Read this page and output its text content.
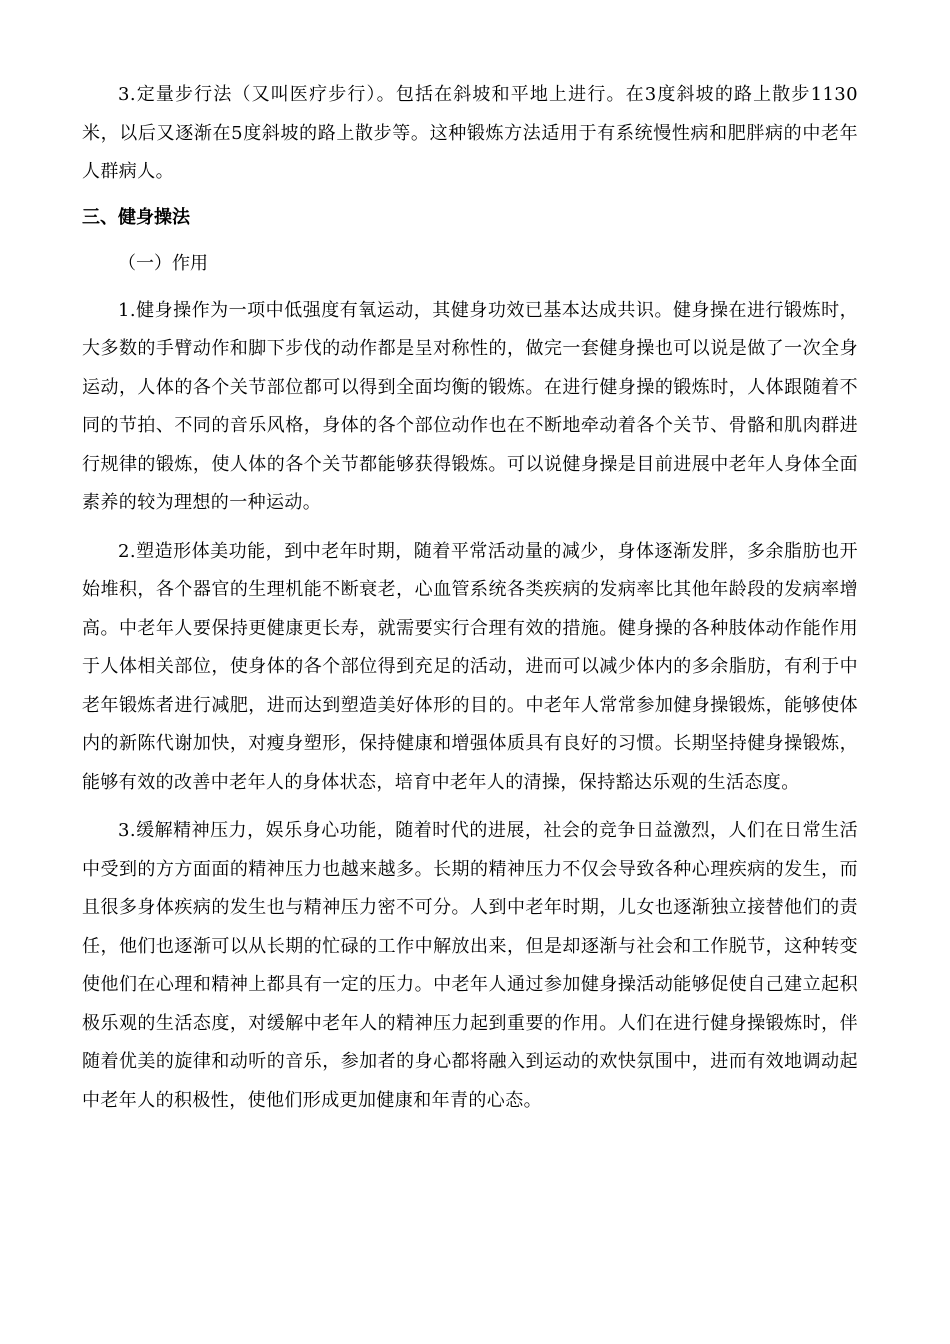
3.定量步行法（又叫医疗步行）。包括在斜坡和平地上进行。在3度斜坡的路上散步1130米，以后又逐渐在5度斜坡的路上散步等。这种锻炼方法适用于有系统慢性病和肥胖病的中老年人群病人。

三、健身操法

（一）作用

1.健身操作为一项中低强度有氧运动，其健身功效已基本达成共识。健身操在进行锻炼时，大多数的手臂动作和脚下步伐的动作都是呈对称性的，做完一套健身操也可以说是做了一次全身运动，人体的各个关节部位都可以得到全面均衡的锻炼。在进行健身操的锻炼时，人体跟随着不同的节拍、不同的音乐风格，身体的各个部位动作也在不断地牵动着各个关节、骨骼和肌肉群进行规律的锻炼，使人体的各个关节都能够获得锻炼。可以说健身操是目前进展中老年人身体全面素养的较为理想的一种运动。

2.塑造形体美功能，到中老年时期，随着平常活动量的减少，身体逐渐发胖，多余脂肪也开始堆积，各个器官的生理机能不断衰老，心血管系统各类疾病的发病率比其他年龄段的发病率增高。中老年人要保持更健康更长寿，就需要实行合理有效的措施。健身操的各种肢体动作能作用于人体相关部位，使身体的各个部位得到充足的活动，进而可以减少体内的多余脂肪，有利于中老年锻炼者进行减肥，进而达到塑造美好体形的目的。中老年人常常参加健身操锻炼，能够使体内的新陈代谢加快，对瘦身塑形，保持健康和增强体质具有良好的习惯。长期坚持健身操锻炼，能够有效的改善中老年人的身体状态，培育中老年人的清操，保持豁达乐观的生活态度。

3.缓解精神压力，娱乐身心功能，随着时代的进展，社会的竞争日益激烈，人们在日常生活中受到的方方面面的精神压力也越来越多。长期的精神压力不仅会导致各种心理疾病的发生，而且很多身体疾病的发生也与精神压力密不可分。人到中老年时期，儿女也逐渐独立接替他们的责任，他们也逐渐可以从长期的忙碌的工作中解放出来，但是却逐渐与社会和工作脱节，这种转变使他们在心理和精神上都具有一定的压力。中老年人通过参加健身操活动能够促使自己建立起积极乐观的生活态度，对缓解中老年人的精神压力起到重要的作用。人们在进行健身操锻炼时，伴随着优美的旋律和动听的音乐，参加者的身心都将融入到运动的欢快氛围中，进而有效地调动起中老年人的积极性，使他们形成更加健康和年青的心态。
